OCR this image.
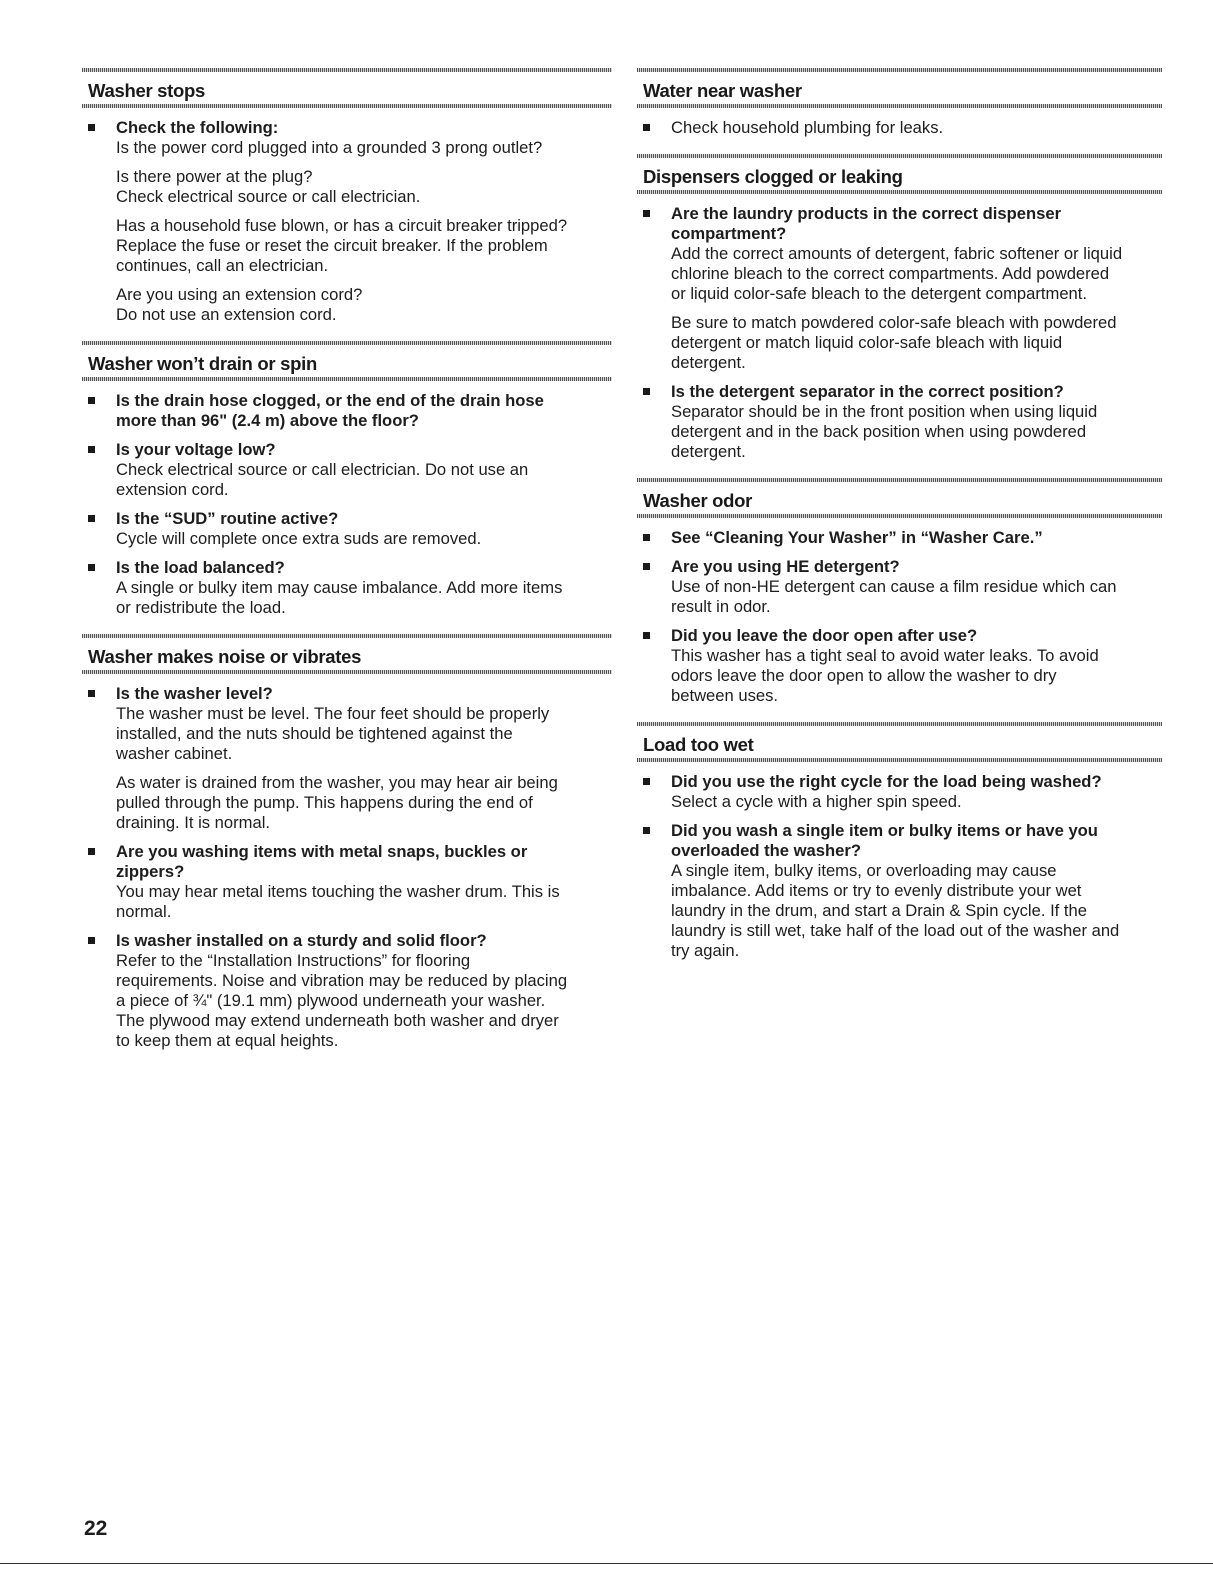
Washer stops

Check the following:

Is the power cord plugged into a grounded 3 prong outlet?

Is there power at the plug?
Check electrical source or call electrician.

Has a household fuse blown, or has a circuit breaker tripped?
Replace the fuse or reset the circuit breaker. If the problem
continues, call an electrician.

Are you using an extension cord?
Do not use an extension cord.

Washer won’t drain or spin

Is the drain hose clogged, or the end of the drain hose
more than 96" (2.4 m) above the floor?

Is your voltage low?

Check electrical source or call electrician. Do not use an
extension cord.

Is the “SUD” routine active?

Cycle will complete once extra suds are removed.

Is the load balanced?

A single or bulky item may cause imbalance. Add more items
or redistribute the load.

Washer makes noise or vibrates

Is the washer level?

The washer must be level. The four feet should be properly
installed, and the nuts should be tightened against the
washer cabinet.

As water is drained from the washer, you may hear air being
pulled through the pump. This happens during the end of
draining. It is normal.

Are you washing items with metal snaps, buckles or
zippers?

You may hear metal items touching the washer drum. This is
normal.

Is washer installed on a sturdy and solid floor?

Refer to the “Installation Instructions” for flooring
requirements. Noise and vibration may be reduced by placing
a piece of ¾" (19.1 mm) plywood underneath your washer.
The plywood may extend underneath both washer and dryer
to keep them at equal heights.

Water near washer

Check household plumbing for leaks.

Dispensers clogged or leaking

Are the laundry products in the correct dispenser
compartment?

Add the correct amounts of detergent, fabric softener or liquid
chlorine bleach to the correct compartments. Add powdered
or liquid color-safe bleach to the detergent compartment.

Be sure to match powdered color-safe bleach with powdered
detergent or match liquid color-safe bleach with liquid
detergent.

Is the detergent separator in the correct position?

Separator should be in the front position when using liquid
detergent and in the back position when using powdered
detergent.

Washer odor

See “Cleaning Your Washer” in “Washer Care.”

Are you using HE detergent?

Use of non-HE detergent can cause a film residue which can
result in odor.

Did you leave the door open after use?

This washer has a tight seal to avoid water leaks. To avoid
odors leave the door open to allow the washer to dry
between uses.

Load too wet

Did you use the right cycle for the load being washed?

Select a cycle with a higher spin speed.

Did you wash a single item or bulky items or have you
overloaded the washer?

A single item, bulky items, or overloading may cause
imbalance. Add items or try to evenly distribute your wet
laundry in the drum, and start a Drain & Spin cycle. If the
laundry is still wet, take half of the load out of the washer and
try again.

22
